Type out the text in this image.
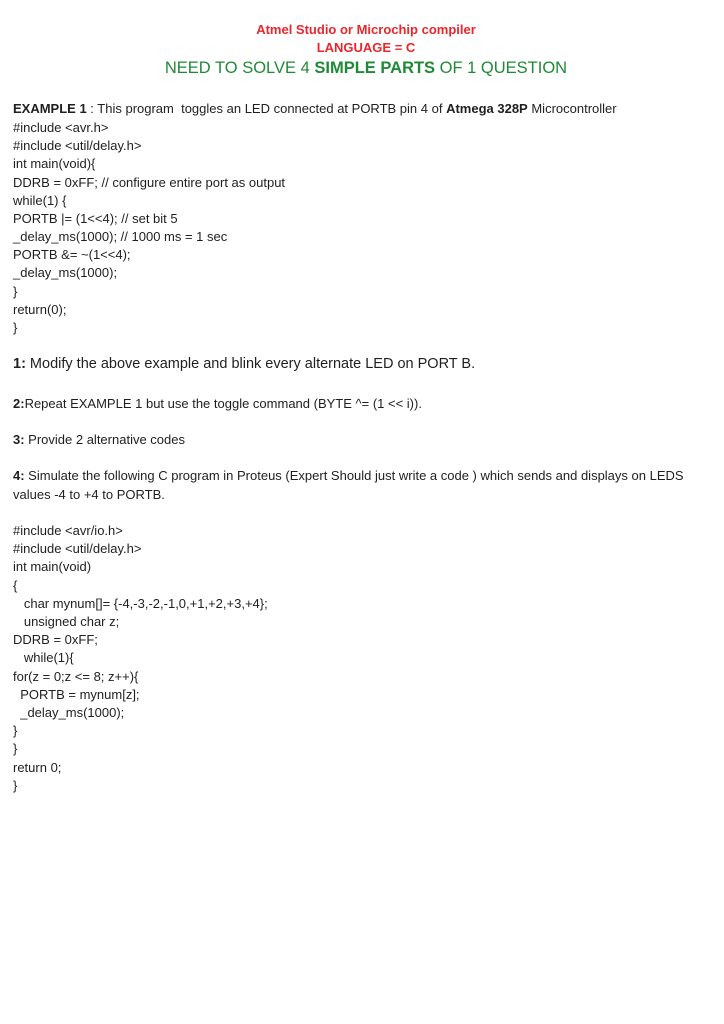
Atmel Studio or Microchip compiler
LANGUAGE = C
NEED TO SOLVE 4 SIMPLE PARTS OF 1 QUESTION
EXAMPLE 1 : This program  toggles an LED connected at PORTB pin 4 of Atmega 328P Microcontroller
#include <avr.h>
#include <util/delay.h>
int main(void){
DDRB = 0xFF; // configure entire port as output
while(1) {
PORTB |= (1<<4); // set bit 5
_delay_ms(1000); // 1000 ms = 1 sec
PORTB &= ~(1<<4);
_delay_ms(1000);
}
return(0);
}
1: Modify the above example and blink every alternate LED on PORT B.
2:Repeat EXAMPLE 1 but use the toggle command (BYTE ^= (1 << i)).
3: Provide 2 alternative codes
4: Simulate the following C program in Proteus (Expert Should just write a code ) which sends and displays on LEDS
values -4 to +4 to PORTB.
#include <avr/io.h>
#include <util/delay.h>
int main(void)
{
char mynum[]= {-4,-3,-2,-1,0,+1,+2,+3,+4};
unsigned char z;
DDRB = 0xFF;
while(1){
for(z = 0;z <= 8; z++){
PORTB = mynum[z];
_delay_ms(1000);
}
}
return 0;
}
